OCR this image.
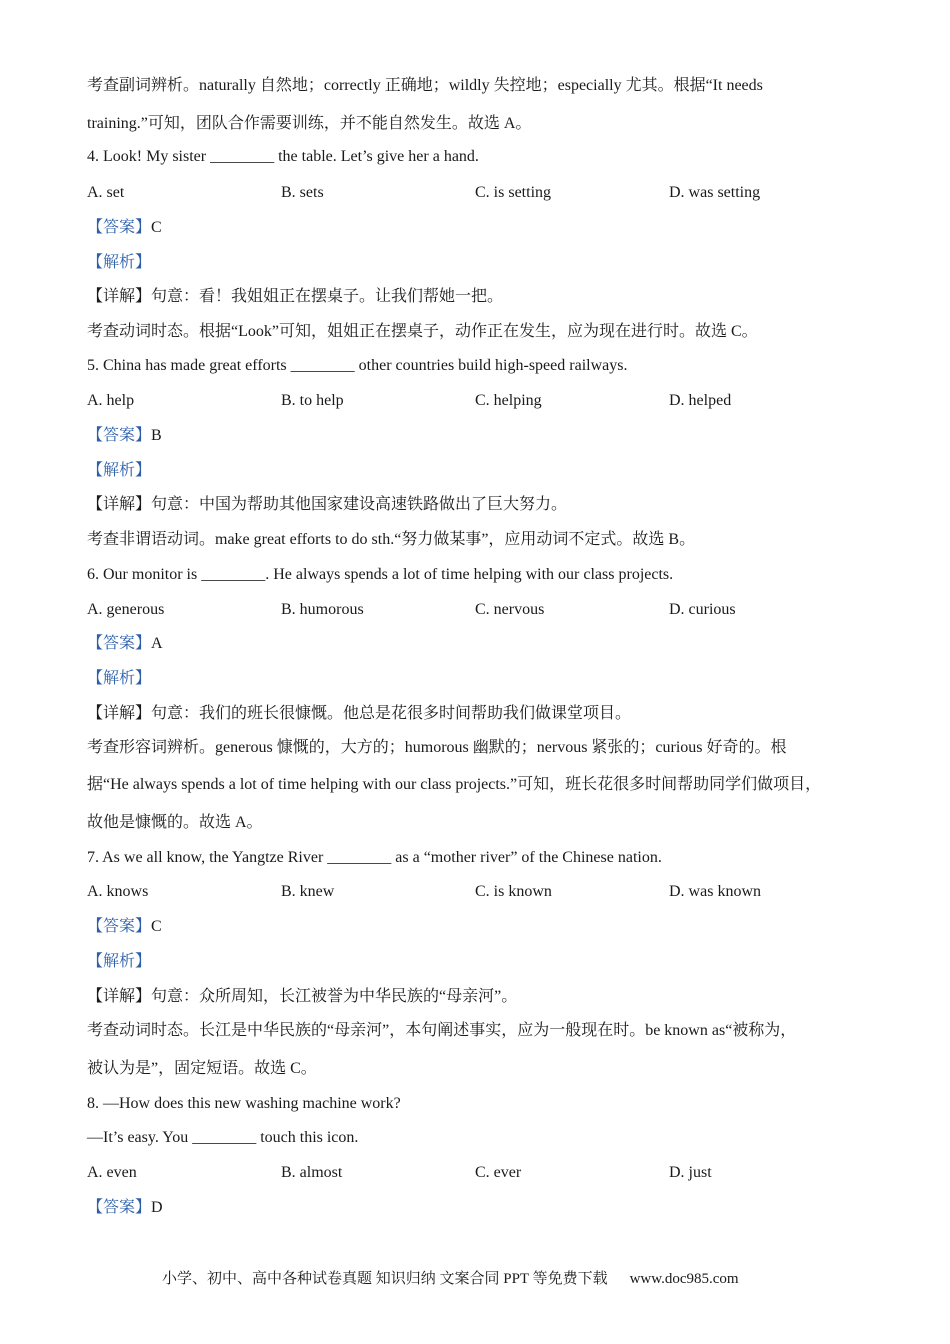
考查副词辨析。naturally 自然地；correctly 正确地；wildly 失控地；especially 尤其。根据“It needs
training.”可知，团队合作需要训练，并不能自然发生。故选 A。
4. Look! My sister ________ the table. Let’s give her a hand.
A. set	B. sets	C. is setting	D. was setting
【答案】C
【解析】
【详解】句意：看！我姐姐正在摆桌子。让我们帮她一把。
考查动词时态。根据“Look”可知，姐姐正在摆桌子，动作正在发生，应为现在进行时。故选 C。
5. China has made great efforts ________ other countries build high-speed railways.
A. help	B. to help	C. helping	D. helped
【答案】B
【解析】
【详解】句意：中国为帮助其他国家建设高速铁路做出了巨大努力。
考查非谓语动词。make great efforts to do sth.“努力做某事”，应用动词不定式。故选 B。
6. Our monitor is ________. He always spends a lot of time helping with our class projects.
A. generous	B. humorous	C. nervous	D. curious
【答案】A
【解析】
【详解】句意：我们的班长很慷慨。他总是花很多时间帮助我们做课堂项目。
考查形容词辨析。generous 慷慨的，大方的；humorous 幽默的；nervous 紧张的；curious 好奇的。根
据“He always spends a lot of time helping with our class projects.”可知，班长花很多时间帮助同学们做项目，
故他是慷慨的。故选 A。
7. As we all know, the Yangtze River ________ as a “mother river” of the Chinese nation.
A. knows	B. knew	C. is known	D. was known
【答案】C
【解析】
【详解】句意：众所周知，长江被誉为中华民族的“母亲河”。
考查动词时态。长江是中华民族的“母亲河”，本句阐述事实，应为一般现在时。be known as“被称为，
被认为是”，固定短语。故选 C。
8. —How does this new washing machine work?
—It’s easy. You ________ touch this icon.
A. even	B. almost	C. ever	D. just
【答案】D
小学、初中、高中各种试卷真题 知识归纳 文案合同 PPT 等免费下载 www.doc985.com
